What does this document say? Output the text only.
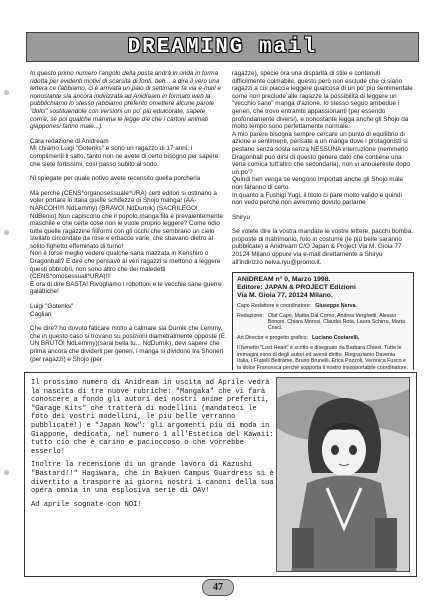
DREAMING mail

In questo primo numero l'angolo della posta andrà in onda in forma ridotta per evidenti motivi di scarsità di fonti, beh... a dire il vero una lettera ce l'abbiamo, ci è arrivata un paio di settimane fa via e-mail e nonostante sia ancora indirizzata ad Anidream in formato web la pubblichiamo lo stesso (abbiamo preferito omettere alcune parole "dolci" sostituendole con versioni un po' più edulcorate, sapete com'è, se poi qualche mamma le legge d'è che i cartoni animati giapponesi fanno male...).

Cara redazione di Anidream

Mi chiamo Luigi "Gotenks" e sono un ragazzo di 17 anni, i complimenti li salto, tanto non ne avete di certo bisogno per sapere che siete fortissimi, così passo subito al sodo.

Ni spiegate per quale notivo avete recensito quella porcheria

Ma perché (CENS*organosessuale*URA) certi editori si ostinano a voler portare in Italia quelle schifezze di Shojo manga! (AA-NARCOH!!!! NdLemmy) (BRAVO! NdDurnik) (SACRILEGO! NdBenio) Non capiscono che il popolo manga fila è prevalentemente maschile e che certe cose non le vuole proprio leggere? Come odio tutte quelle ragazzine filiformi con gli occhi che sembrano un cielo stellato circondate da rose e erbacce varie, che sbavano dietro al solito fighetto effeminato di turno!

Non è forse meglio vedere qualche sana mazzata in Kenshiro o Dragonball? E dire che pensavo ai veri ragazzi si mettono a leggere questi obbrobri, non sono altro che dei maledetti (CENS*omosessuali*URA)!!!

E ora di dire BASTA! Rivogliamo i robottoni e le vecchie sane guerre galattiche!

Luigi "Gotenks"

Cagliari

Che dire? ho dovuto faticare molto a calmare sia Durnik che Lemmy, che in questo caso si trovano su posizioni diametralmente opposte (E UN BRUTO! NdLemmy)(sarai bella tu... NdDurnik), devi sapere che prima ancora che dividerli per generi, i manga si dividono tra Shonen (per ragazzi) e Shojo (per

ragazze), specie ora una disparità di stile e contenuti difficilmente colmabile, questo però non esclude che ci siano ragazzi a cui piaccia leggere qualcosa di un po' più sentimentale come non preclude alle ragazze la possibilità di leggere un "vecchio sano" manga d'azione. Io stesso seguo ambedue i generi, che trovo entrambi appassionanti (per essendo profondamente diversi), e nonostante legga anche gli Shojo da molto tempo sono perfettamente normale.

A mio parere bisogna sempre cercare un punto di equilibrio di azione e sentimenti, pensate a un manga dove i protagonisti si pestano senza sosta senza NESSUNA interruzione (nemmeno Dragonball può dirsi di questo genere dato che contiene una vena comica tutt'altro che secondaria), non vi annoiereste dopo un po'?

Quindi hen venga se vengono importati anche gli Shojo male non faranno di certo.

In quanto a Fushigi Yugi, il titolo ci pare molto valido e quindi non vedo perché non avremmo dovuto parlarne

Shiryu

Se volete dire la vostra mandate le vostre lettere, pacchi bomba, proposte di matrimonio, foto in costume (le più belle saranno pubblicate) a Anidream C/O Japan & Project Via M. Gioia 77 20124 Milano oppure via e-mail direttamente a Shiryu all'indirizzo nelva.ryu@promo.it.

ANIDREAM n° 0, Marzo 1998.

Editore: JAPAN & PROJECT Edizioni

Via M. Gioia 77, 20124 Milano.

Capo Redattore e coordinatore: Giuseppe Nerva.
Redazione: Olaf Capo, Mattia Dal Corno, Andrea Verghetti, Alessio Bononi, Chiara Morosi, Claudia Rota, Laura Schirru, Marta Crisci.
Art Director e progetto grafico: Luciano Costarelli.

Il fumetto "Lost Heart" è scritto e disegnato da Barbara Chiesi. Tutte le immagini sono di degli autori ed aventi diritto. Ringraziamo Davenia Italia, i Fratelli Beltrame, Bruno Brunelli, Erica Pozzoli, Veronica Fusco e la dolce Francesca perché sopporta il nostro insopportabile coordinatore.

Il prossimo numero di Anidream in uscita ad Aprile vedrà la nascita di tre nuove rubriche: "Mangaka" che vi farà conoscere a fondo gli autori dei nostri anime preferiti, "Garage Kits" che tratterà di modellini (mandateci le foto dei vostri modellini, le più belle verranno pubblicate!) e "Japan Now": gli argomenti più di moda in Giappone, dedicata, nel numero 1 all'Estetica del Kawaii: tutto ciò che è carino e pacioccoso o che vorrebbe esserlo!

Inoltre la recensione di un grande lavoro di Kazushi "Bastard!!" Hagiwara, che in Bakuen Campus Guardress si è divertito a trasporre ai giorni nostri i canoni della sua opera omnia in una esplosiva serie di OAV!

Ad aprile sognate con NOI!

47
